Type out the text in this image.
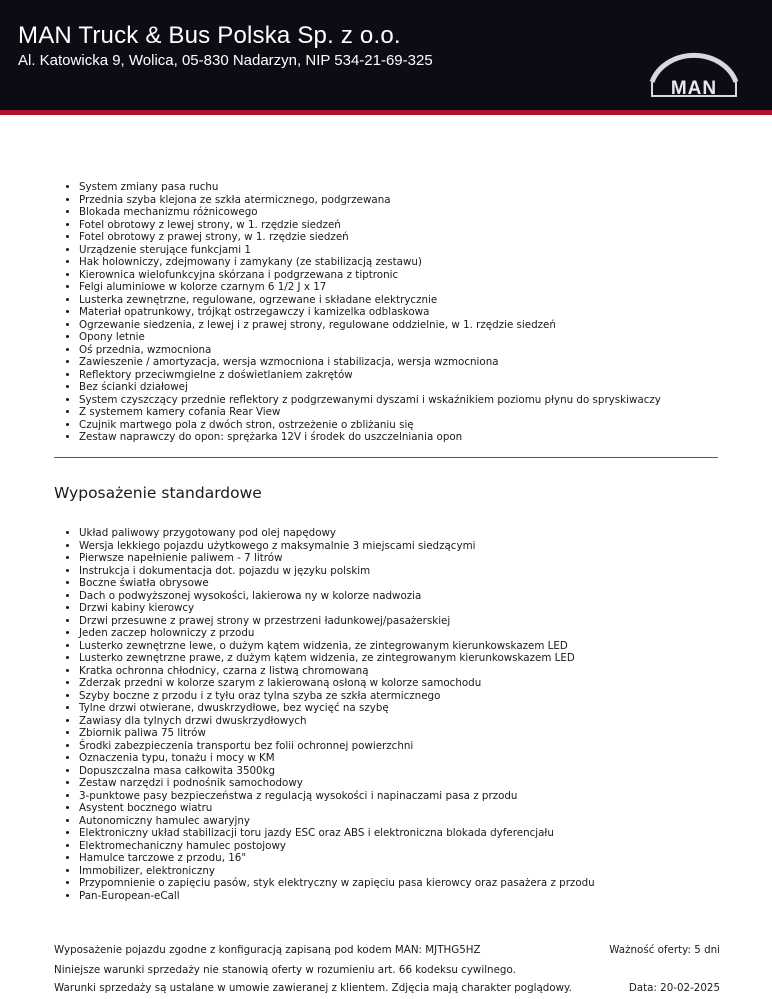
MAN Truck & Bus Polska Sp. z o.o.
Al. Katowicka 9, Wolica, 05-830 Nadarzyn, NIP 534-21-69-325
MAN
• System zmiany pasa ruchu
• Przednia szyba klejona ze szkła atermicznego, podgrzewana
• Blokada mechanizmu różnicowego
• Fotel obrotowy z lewej strony, w 1. rzędzie siedzeń
• Fotel obrotowy z prawej strony, w 1. rzędzie siedzeń
• Urządzenie sterujące funkcjami 1
• Hak holowniczy, zdejmowany i zamykany (ze stabilizacją zestawu)
• Kierownica wielofunkcyjna skórzana i podgrzewana z tiptronic
• Felgi aluminiowe w kolorze czarnym 6 1/2 J x 17
• Lusterka zewnętrzne, regulowane, ogrzewane i składane elektrycznie
• Materiał opatrunkowy, trójkąt ostrzegawczy i kamizelka odblaskowa
• Ogrzewanie siedzenia, z lewej i z prawej strony, regulowane oddzielnie, w 1. rzędzie siedzeń
• Opony letnie
• Oś przednia, wzmocniona
• Zawieszenie / amortyzacja, wersja wzmocniona i stabilizacja, wersja wzmocniona
• Reflektory przeciwmgielne z doświetlaniem zakrętów
• Bez ścianki działowej
• System czyszczący przednie reflektory z podgrzewanymi dyszami i wskaźnikiem poziomu płynu do spryskiwaczy
• Z systemem kamery cofania Rear View
• Czujnik martwego pola z dwóch stron, ostrzeżenie o zbliżaniu się
• Zestaw naprawczy do opon: sprężarka 12V i środek do uszczelniania opon
Wyposażenie standardowe
• Układ paliwowy przygotowany pod olej napędowy
• Wersja lekkiego pojazdu użytkowego z maksymalnie 3 miejscami siedzącymi
• Pierwsze napełnienie paliwem - 7 litrów
• Instrukcja i dokumentacja dot. pojazdu w języku polskim
• Boczne światła obrysowe
• Dach o podwyższonej wysokości, lakierowa ny w kolorze nadwozia
• Drzwi kabiny kierowcy
• Drzwi przesuwne z prawej strony w przestrzeni ładunkowej/pasażerskiej
• Jeden zaczep holowniczy z przodu
• Lusterko zewnętrzne lewe, o dużym kątem widzenia, ze zintegrowanym kierunkowskazem LED
• Lusterko zewnętrzne prawe, z dużym kątem widzenia, ze zintegrowanym kierunkowskazem LED
• Kratka ochronna chłodnicy, czarna z listwą chromowaną
• Zderzak przedni w kolorze szarym z lakierowaną osłoną w kolorze samochodu
• Szyby boczne z przodu i z tyłu oraz tylna szyba ze szkła atermicznego
• Tylne drzwi otwierane, dwuskrzydłowe, bez wycięć na szybę
• Zawiasy dla tylnych drzwi dwuskrzydłowych
• Zbiornik paliwa 75 litrów
• Środki zabezpieczenia transportu bez folii ochronnej powierzchni
• Oznaczenia typu, tonażu i mocy w KM
• Dopuszczalna masa całkowita 3500kg
• Zestaw narzędzi i podnośnik samochodowy
• 3-punktowe pasy bezpieczeństwa z regulacją wysokości i napinaczami pasa z przodu
• Asystent bocznego wiatru
• Autonomiczny hamulec awaryjny
• Elektroniczny układ stabilizacji toru jazdy ESC oraz ABS i elektroniczna blokada dyferencjału
• Elektromechaniczny hamulec postojowy
• Hamulce tarczowe z przodu, 16"
• Immobilizer, elektroniczny
• Przypomnienie o zapięciu pasów, styk elektryczny w zapięciu pasa kierowcy oraz pasażera z przodu
• Pan-European-eCall
Wyposażenie pojazdu zgodne z konfiguracją zapisaną pod kodem MAN: MJTHG5HZ	Ważność oferty: 5 dni
Niniejsze warunki sprzedaży nie stanowią oferty w rozumieniu art. 66 kodeksu cywilnego.
Warunki sprzedaży są ustalane w umowie zawieranej z klientem. Zdjęcia mają charakter poglądowy.	Data: 20-02-2025
